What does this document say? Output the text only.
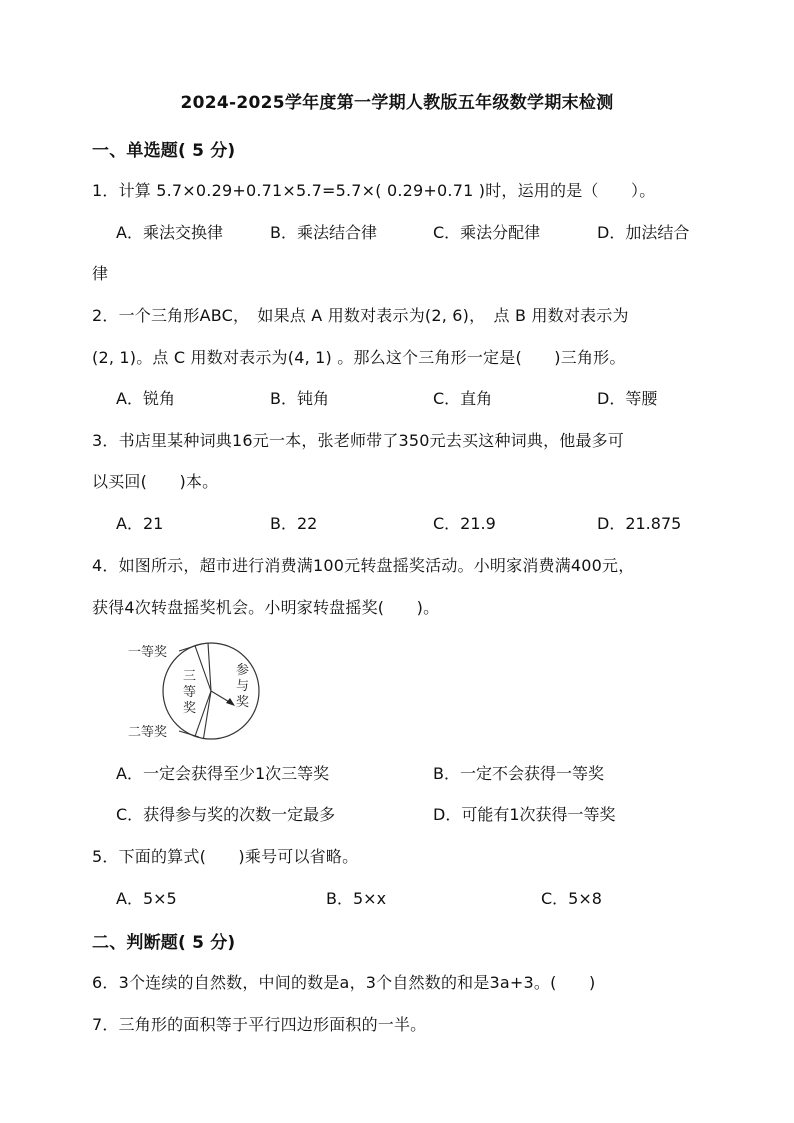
2024-2025学年度第一学期人教版五年级数学期末检测
一、单选题( 5 分)
1．计算 5.7×0.29+0.71×5.7=5.7×( 0.29+0.71 )时，运用的是（　　）。
A．乘法交换律	B．乘法结合律	C．乘法分配律	D．加法结合
律
2．一个三角形ABC，　如果点 A 用数对表示为(2, 6)，　点 B 用数对表示为
(2, 1)。点 C 用数对表示为(4, 1) 。那么这个三角形一定是(　　)三角形。
A．锐角	B．钝角	C．直角	D．等腰
3．书店里某种词典16元一本，张老师带了350元去买这种词典，他最多可
以买回(　　)本。
A．21	B．22	C．21.9	D．21.875
4．如图所示，超市进行消费满100元转盘摇奖活动。小明家消费满400元，
获得4次转盘摇奖机会。小明家转盘摇奖(　　)。
一等奖
二等奖
三
等
奖
参
与
奖
A．一定会获得至少1次三等奖	B．一定不会获得一等奖
C．获得参与奖的次数一定最多	D．可能有1次获得一等奖
5．下面的算式(　　)乘号可以省略。
A．5×5	B．5×x	C．5×8
二、判断题( 5 分)
6．3个连续的自然数，中间的数是a，3个自然数的和是3a+3。(　　)
7．三角形的面积等于平行四边形面积的一半。
